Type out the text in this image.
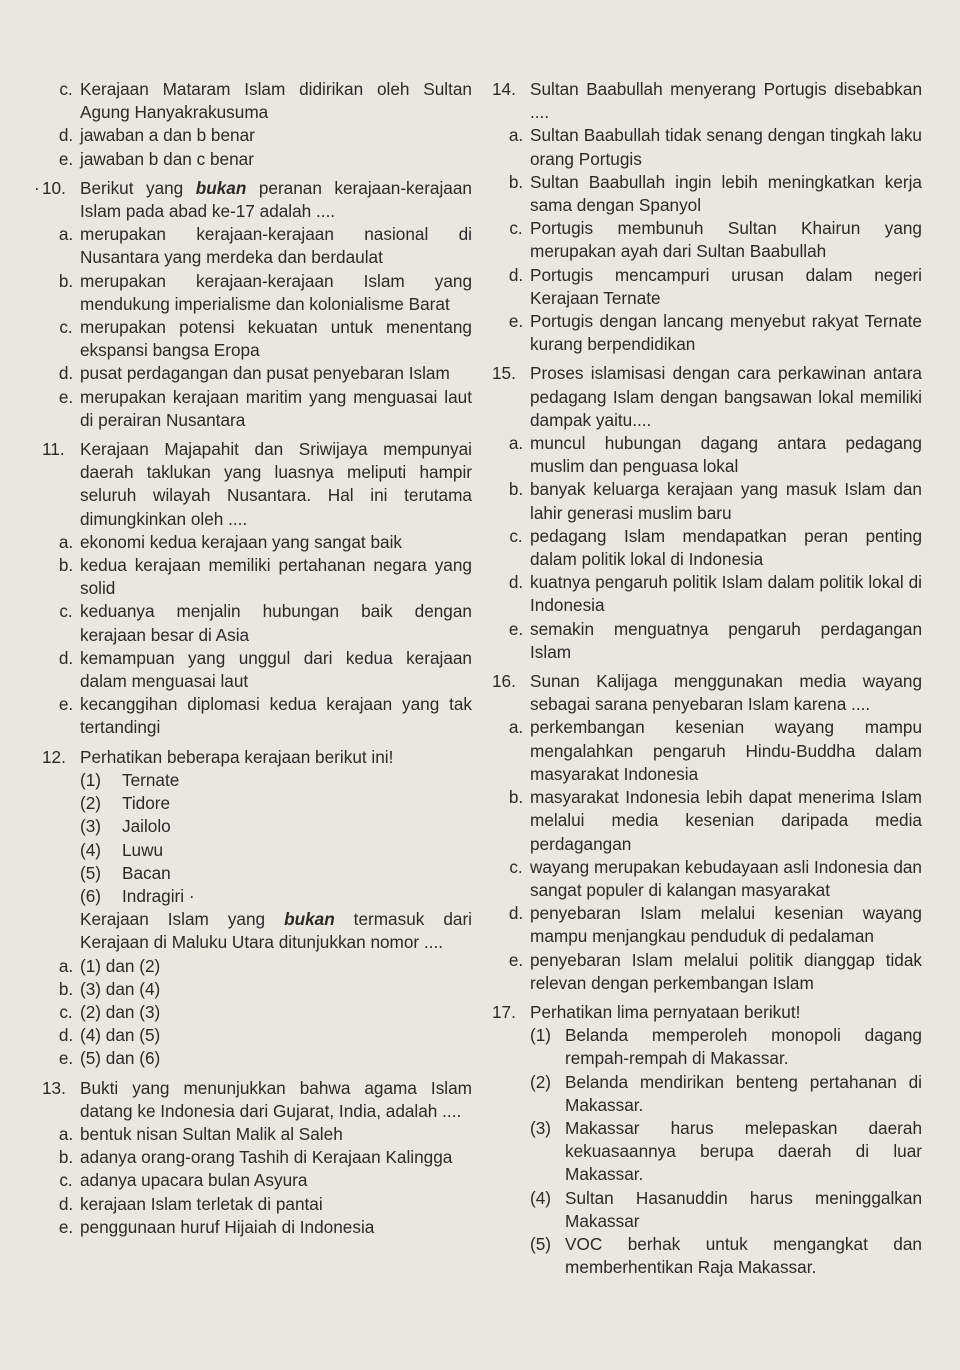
c. Kerajaan Mataram Islam didirikan oleh Sultan Agung Hanyakrakusuma
d. jawaban a dan b benar
e. jawaban b dan c benar
· 10. Berikut yang bukan peranan kerajaan-kerajaan Islam pada abad ke-17 adalah ....
a. merupakan kerajaan-kerajaan nasional di Nusantara yang merdeka dan berdaulat
b. merupakan kerajaan-kerajaan Islam yang mendukung imperialisme dan kolonialisme Barat
c. merupakan potensi kekuatan untuk menentang ekspansi bangsa Eropa
d. pusat perdagangan dan pusat penyebaran Islam
e. merupakan kerajaan maritim yang menguasai laut di perairan Nusantara
11. Kerajaan Majapahit dan Sriwijaya mempunyai daerah taklukan yang luasnya meliputi hampir seluruh wilayah Nusantara. Hal ini terutama dimungkinkan oleh ....
a. ekonomi kedua kerajaan yang sangat baik
b. kedua kerajaan memiliki pertahanan negara yang solid
c. keduanya menjalin hubungan baik dengan kerajaan besar di Asia
d. kemampuan yang unggul dari kedua kerajaan dalam menguasai laut
e. kecanggihan diplomasi kedua kerajaan yang tak tertandingi
12. Perhatikan beberapa kerajaan berikut ini!
(1) Ternate
(2) Tidore
(3) Jailolo
(4) Luwu
(5) Bacan
(6) Indragiri ·
Kerajaan Islam yang bukan termasuk dari Kerajaan di Maluku Utara ditunjukkan nomor ....
a. (1) dan (2)
b. (3) dan (4)
c. (2) dan (3)
d. (4) dan (5)
e. (5) dan (6)
13. Bukti yang menunjukkan bahwa agama Islam datang ke Indonesia dari Gujarat, India, adalah ....
a. bentuk nisan Sultan Malik al Saleh
b. adanya orang-orang Tashih di Kerajaan Kalingga
c. adanya upacara bulan Asyura
d. kerajaan Islam terletak di pantai
e. penggunaan huruf Hijaiah di Indonesia
14. Sultan Baabullah menyerang Portugis disebabkan ....
a. Sultan Baabullah tidak senang dengan tingkah laku orang Portugis
b. Sultan Baabullah ingin lebih meningkatkan kerja sama dengan Spanyol
c. Portugis membunuh Sultan Khairun yang merupakan ayah dari Sultan Baabullah
d. Portugis mencampuri urusan dalam negeri Kerajaan Ternate
e. Portugis dengan lancang menyebut rakyat Ternate kurang berpendidikan
15. Proses islamisasi dengan cara perkawinan antara pedagang Islam dengan bangsawan lokal memiliki dampak yaitu....
a. muncul hubungan dagang antara pedagang muslim dan penguasa lokal
b. banyak keluarga kerajaan yang masuk Islam dan lahir generasi muslim baru
c. pedagang Islam mendapatkan peran penting dalam politik lokal di Indonesia
d. kuatnya pengaruh politik Islam dalam politik lokal di Indonesia
e. semakin menguatnya pengaruh perdagangan Islam
16. Sunan Kalijaga menggunakan media wayang sebagai sarana penyebaran Islam karena ....
a. perkembangan kesenian wayang mampu mengalahkan pengaruh Hindu-Buddha dalam masyarakat Indonesia
b. masyarakat Indonesia lebih dapat menerima Islam melalui media kesenian daripada media perdagangan
c. wayang merupakan kebudayaan asli Indonesia dan sangat populer di kalangan masyarakat
d. penyebaran Islam melalui kesenian wayang mampu menjangkau penduduk di pedalaman
e. penyebaran Islam melalui politik dianggap tidak relevan dengan perkembangan Islam
17. Perhatikan lima pernyataan berikut!
(1) Belanda memperoleh monopoli dagang rempah-rempah di Makassar.
(2) Belanda mendirikan benteng pertahanan di Makassar.
(3) Makassar harus melepaskan daerah kekuasaannya berupa daerah di luar Makassar.
(4) Sultan Hasanuddin harus meninggalkan Makassar
(5) VOC berhak untuk mengangkat dan memberhentikan Raja Makassar.
